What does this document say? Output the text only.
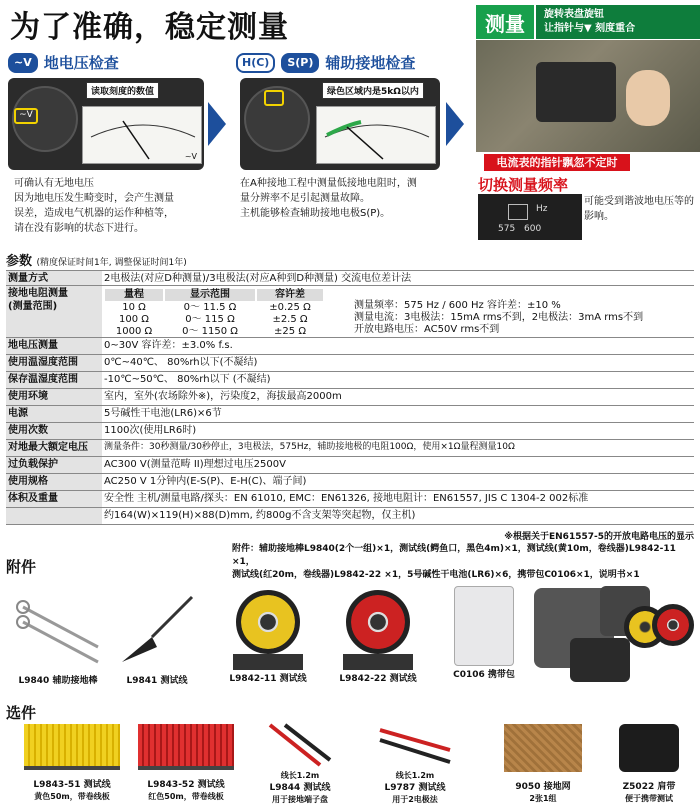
为了准确，稳定测量	测量	旋转表盘旋钮
让指针与▼ 刻度重合
~V 地电压检查
~V
~V
读取刻度的数值
可确认有无地电压
因为地电压发生畸变时，会产生测量
误差，造成电气机器的运作种植等，
请在没有影响的状态下进行。
H(C)	S(P) 辅助接地检查
绿色区域内是5kΩ以内
在A种接地工程中测量低接地电阻时，测
量分辨率不足引起测量故障。
主机能够检查辅助接地电极S(P)。
电流表的指针飘忽不定时
切换测量频率
Hz
575 600
可能受到谐波地电压等的
影响。
参数 (精度保证时间1年, 调整保证时间1年)
测量方式	2电极法(对应D种测量)/3电极法(对应A种到D种测量) 交流电位差计法
接地电阻测量
(测量范围)
量程	显示范围	容许差
10 Ω	0～ 11.5 Ω	±0.25 Ω
100 Ω	0～ 115 Ω	±2.5 Ω
1000 Ω	0～ 1150 Ω	±25 Ω
测量频率：575 Hz / 600 Hz 容许差：±10 %
测量电流：3电极法：15mA rms不到，2电极法：3mA rms不到
开放电路电压：AC50V rms不到
地电压测量	0~30V 容许差：±3.0% f.s.
使用温湿度范围	0℃~40℃、 80%rh以下(不凝结)
保存温湿度范围	-10℃~50℃、 80%rh以下 (不凝结)
使用环境	室内，室外(农场除外※)，污染度2，海拔最高2000m
电源	5号碱性干电池(LR6)×6节
使用次数	1100次(使用LR6时)
对地最大额定电压	测量条件：30秒测量/30秒停止，3电极法，575Hz，辅助接地极的电阻100Ω，使用×1Ω量程测量10Ω
过负载保护	AC300 V(测量范畴 II)理想过电压2500V
使用规格	AC250 V 1分钟内(E-S(P)、E-H(C)、端子间)
体积及重量	安全性 主机/测量电路/探头：EN 61010, EMC：EN61326, 接地电阻计：EN61557, JIS C 1304-2 002标准
约164(W)×119(H)×88(D)mm, 约800g不含支架等突起物，仅主机)
※根据关于EN61557-5的开放电路电压的显示
附件
附件：辅助接地棒L9840(2个一组)×1，测试线(鳄鱼口，黑色4m)×1，测试线(黄10m，卷线器)L9842-11 ×1，
测试线(红20m，卷线器)L9842-22 ×1，5号碱性干电池(LR6)×6，携带包C0106×1，说明书×1
L9840 辅助接地棒	L9841 测试线	L9842-11 测试线	L9842-22 测试线	C0106 携带包
选件
L9843-51 测试线
黄色50m，带卷线板
L9843-52 测试线
红色50m，带卷线板
线长1.2m
L9844 测试线
用于接地端子盘
线长1.2m
L9787 测试线
用于2电极法
9050 接地网
2张1组
Z5022 肩带
便于携带测试
